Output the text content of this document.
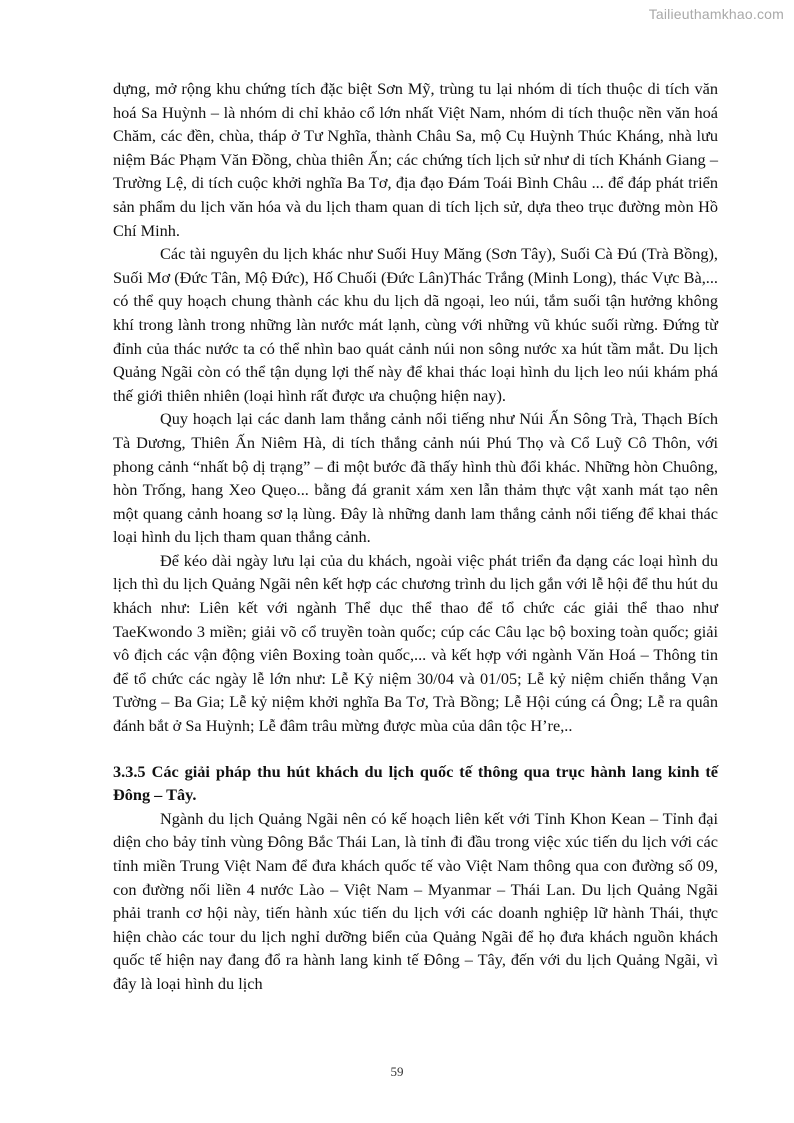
Tailieuthamkhao.com

dựng, mở rộng khu chứng tích đặc biệt Sơn Mỹ, trùng tu lại nhóm di tích thuộc di tích văn hoá Sa Huỳnh – là nhóm di chỉ khảo cổ lớn nhất Việt Nam, nhóm di tích thuộc nền văn hoá Chăm, các đền, chùa, tháp ở Tư Nghĩa, thành Châu Sa, mộ Cụ Huỳnh Thúc Kháng, nhà lưu niệm Bác Phạm Văn Đồng, chùa thiên Ấn; các chứng tích lịch sử như di tích Khánh Giang – Trường Lệ, di tích cuộc khởi nghĩa Ba Tơ, địa đạo Đám Toái Bình Châu ... để đáp phát triển sản phẩm du lịch văn hóa và du lịch tham quan di tích lịch sử, dựa theo trục đường mòn Hồ Chí Minh.

Các tài nguyên du lịch khác như Suối Huy Măng (Sơn Tây), Suối Cà Đú (Trà Bồng), Suối Mơ (Đức Tân, Mộ Đức), Hố Chuối (Đức Lân)Thác Trắng (Minh Long), thác Vực Bà,... có thể quy hoạch chung thành các khu du lịch dã ngoại, leo núi, tắm suối tận hưởng không khí trong lành trong những làn nước mát lạnh, cùng với những vũ khúc suối rừng. Đứng từ đỉnh của thác nước ta có thể nhìn bao quát cảnh núi non sông nước xa hút tầm mắt. Du lịch Quảng Ngãi còn có thể tận dụng lợi thế này để khai thác loại hình du lịch leo núi khám phá thế giới thiên nhiên (loại hình rất được ưa chuộng hiện nay).

Quy hoạch lại các danh lam thắng cảnh nổi tiếng như Núi Ấn Sông Trà, Thạch Bích Tà Dương, Thiên Ấn Niêm Hà, di tích thắng cảnh núi Phú Thọ và Cổ Luỹ Cô Thôn, với phong cảnh “nhất bộ dị trạng” – đi một bước đã thấy hình thù đổi khác. Những hòn Chuông, hòn Trống, hang Xeo Quẹo... bằng đá granit xám xen lẫn thảm thực vật xanh mát tạo nên một quang cảnh hoang sơ lạ lùng. Đây là những danh lam thắng cảnh nổi tiếng để khai thác loại hình du lịch tham quan thắng cảnh.

Để kéo dài ngày lưu lại của du khách, ngoài việc phát triển đa dạng các loại hình du lịch thì du lịch Quảng Ngãi nên kết hợp các chương trình du lịch gắn với lễ hội để thu hút du khách như: Liên kết với ngành Thể dục thể thao để tổ chức các giải thể thao như TaeKwondo 3 miền; giải võ cổ truyền toàn quốc; cúp các Câu lạc bộ boxing toàn quốc; giải vô địch các vận động viên Boxing toàn quốc,... và kết hợp với ngành Văn Hoá – Thông tin để tổ chức các ngày lễ lớn như: Lễ Kỷ niệm 30/04 và 01/05; Lễ kỷ niệm chiến thắng Vạn Tường – Ba Gia; Lễ kỷ niệm khởi nghĩa Ba Tơ, Trà Bồng; Lễ Hội cúng cá Ông; Lễ ra quân đánh bắt ở Sa Huỳnh; Lễ đâm trâu mừng được mùa của dân tộc H’re,..

3.3.5 Các giải pháp thu hút khách du lịch quốc tế thông qua trục hành lang kinh tế Đông – Tây.

Ngành du lịch Quảng Ngãi nên có kế hoạch liên kết với Tỉnh Khon Kean – Tỉnh đại diện cho bảy tỉnh vùng Đông Bắc Thái Lan, là tỉnh đi đầu trong việc xúc tiến du lịch với các tỉnh miền Trung Việt Nam để đưa khách quốc tế vào Việt Nam thông qua con đường số 09, con đường nối liền 4 nước Lào – Việt Nam – Myanmar – Thái Lan. Du lịch Quảng Ngãi phải tranh cơ hội này, tiến hành xúc tiến du lịch với các doanh nghiệp lữ hành Thái, thực hiện chào các tour du lịch nghỉ dưỡng biển của Quảng Ngãi để họ đưa khách nguồn khách quốc tế hiện nay đang đổ ra hành lang kinh tế Đông – Tây, đến với du lịch Quảng Ngãi, vì đây là loại hình du lịch

59
